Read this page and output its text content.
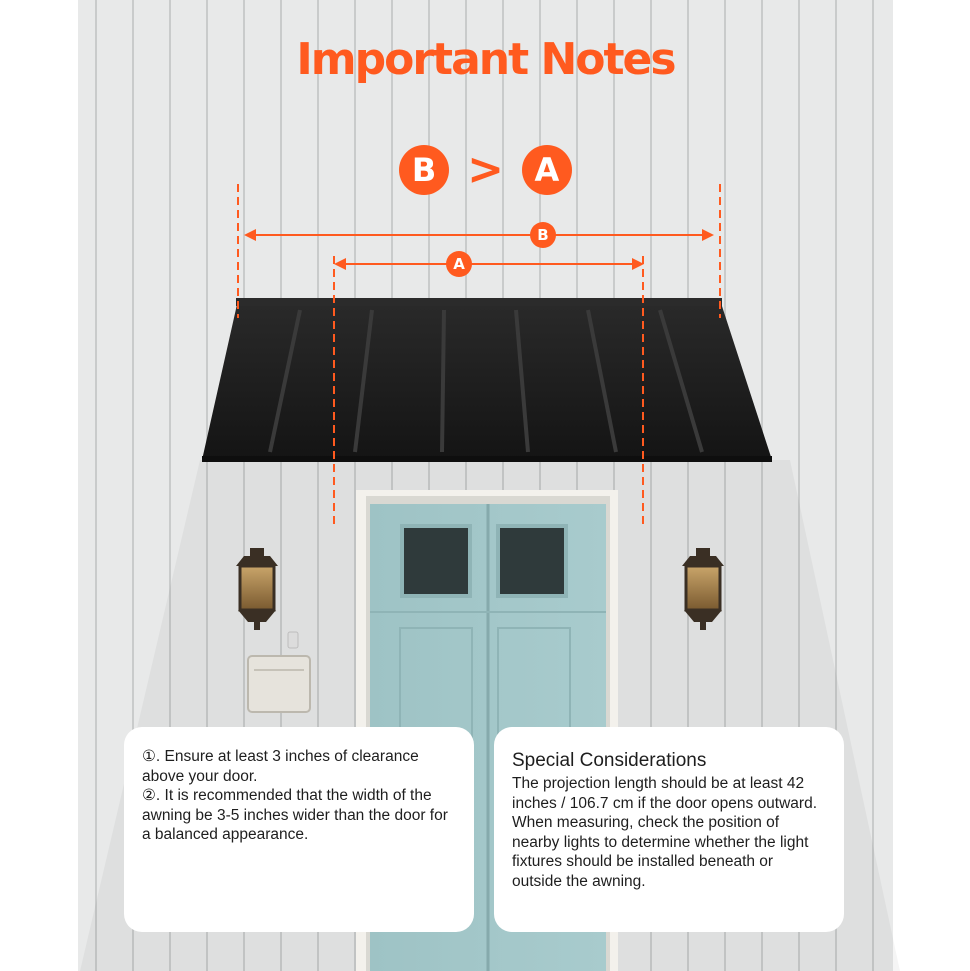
Important Notes
B > A
B
A

①. Ensure at least 3 inches of clearance above your door.

②. It is recommended that the width of the awning be 3-5 inches wider than the door for a balanced appearance.

Special Considerations

The projection length should be at least 42 inches / 106.7 cm if the door opens outward.

When measuring, check the position of nearby lights to determine whether the light fixtures should be installed beneath or outside the awning.
